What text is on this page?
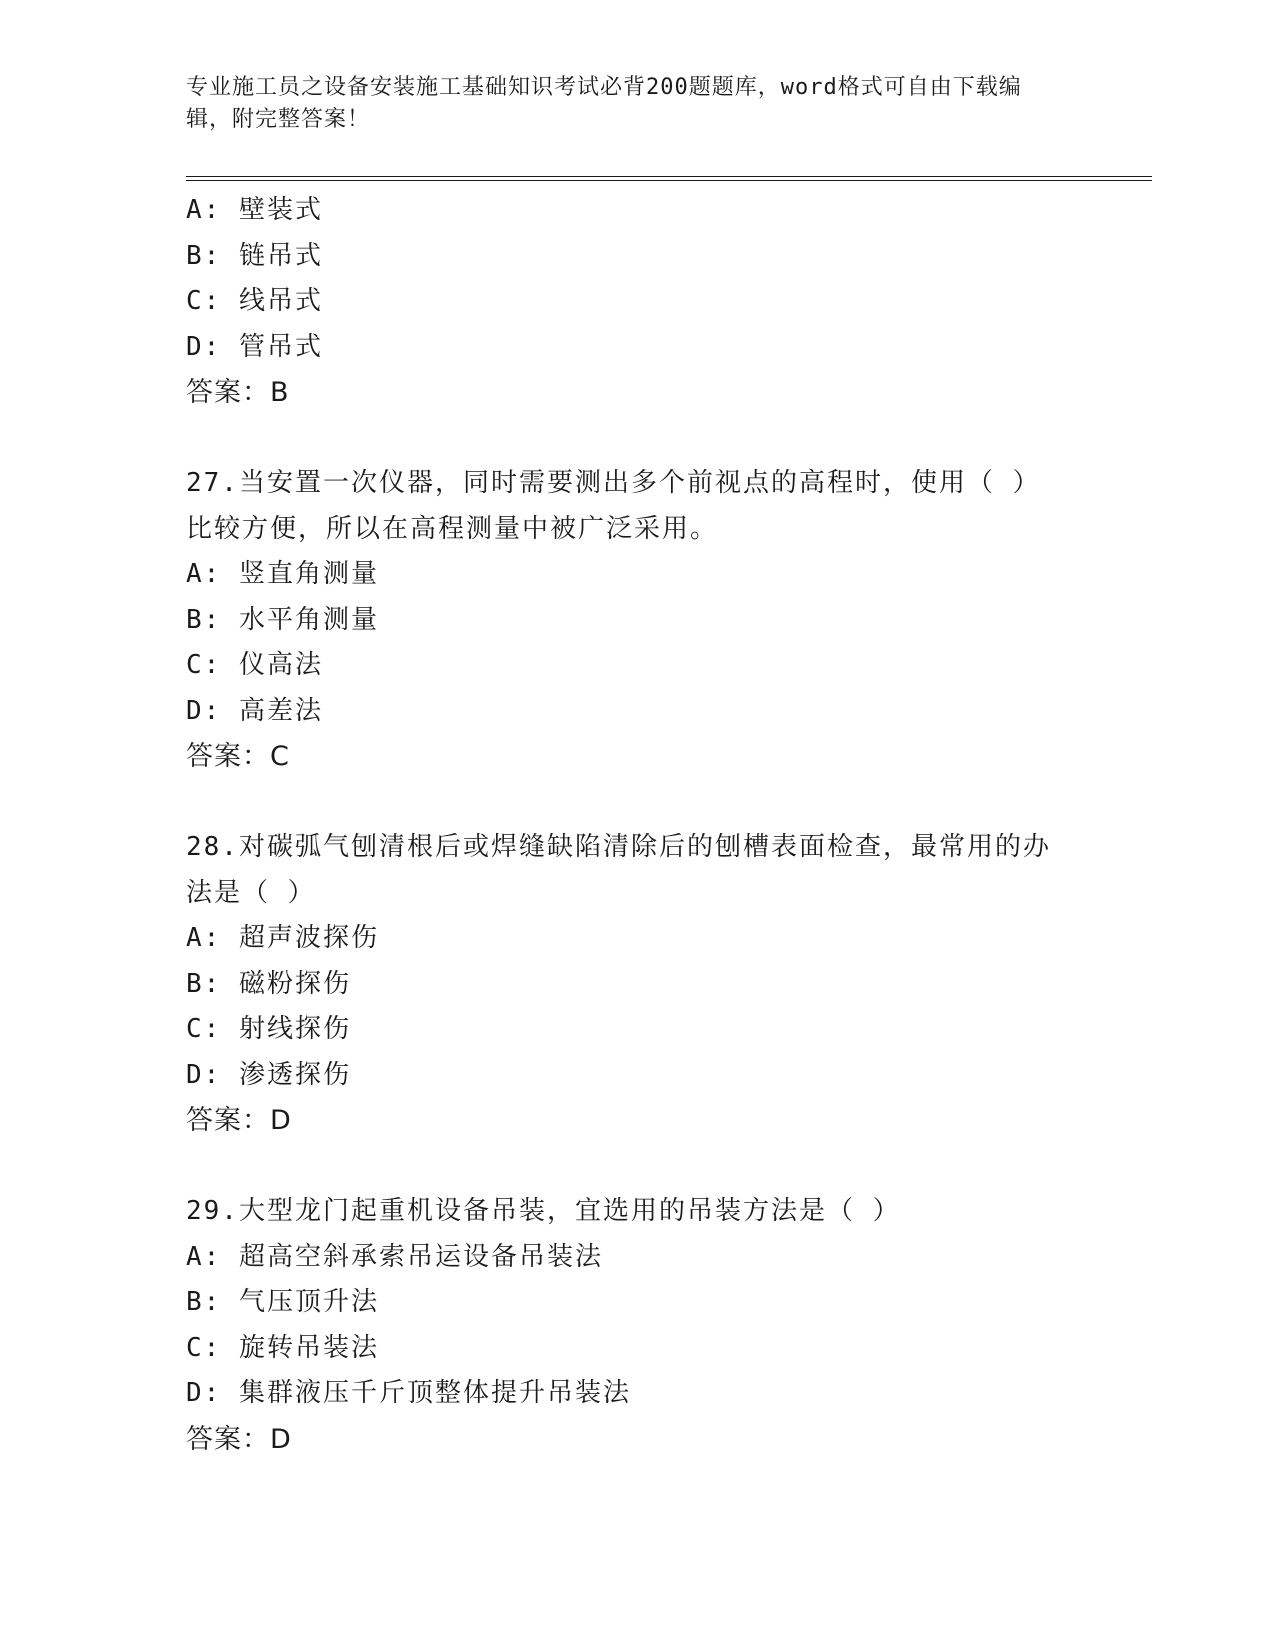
专业施工员之设备安装施工基础知识考试必背200题题库，word格式可自由下载编辑，附完整答案！
A: 壁装式
B: 链吊式
C: 线吊式
D: 管吊式
答案：B
27.当安置一次仪器，同时需要测出多个前视点的高程时，使用（ ）
比较方便，所以在高程测量中被广泛采用。
A: 竖直角测量
B: 水平角测量
C: 仪高法
D: 高差法
答案：C
28.对碳弧气刨清根后或焊缝缺陷清除后的刨槽表面检查，最常用的办
法是（ ）
A: 超声波探伤
B: 磁粉探伤
C: 射线探伤
D: 渗透探伤
答案：D
29.大型龙门起重机设备吊装，宜选用的吊装方法是（ ）
A: 超高空斜承索吊运设备吊装法
B: 气压顶升法
C: 旋转吊装法
D: 集群液压千斤顶整体提升吊装法
答案：D
